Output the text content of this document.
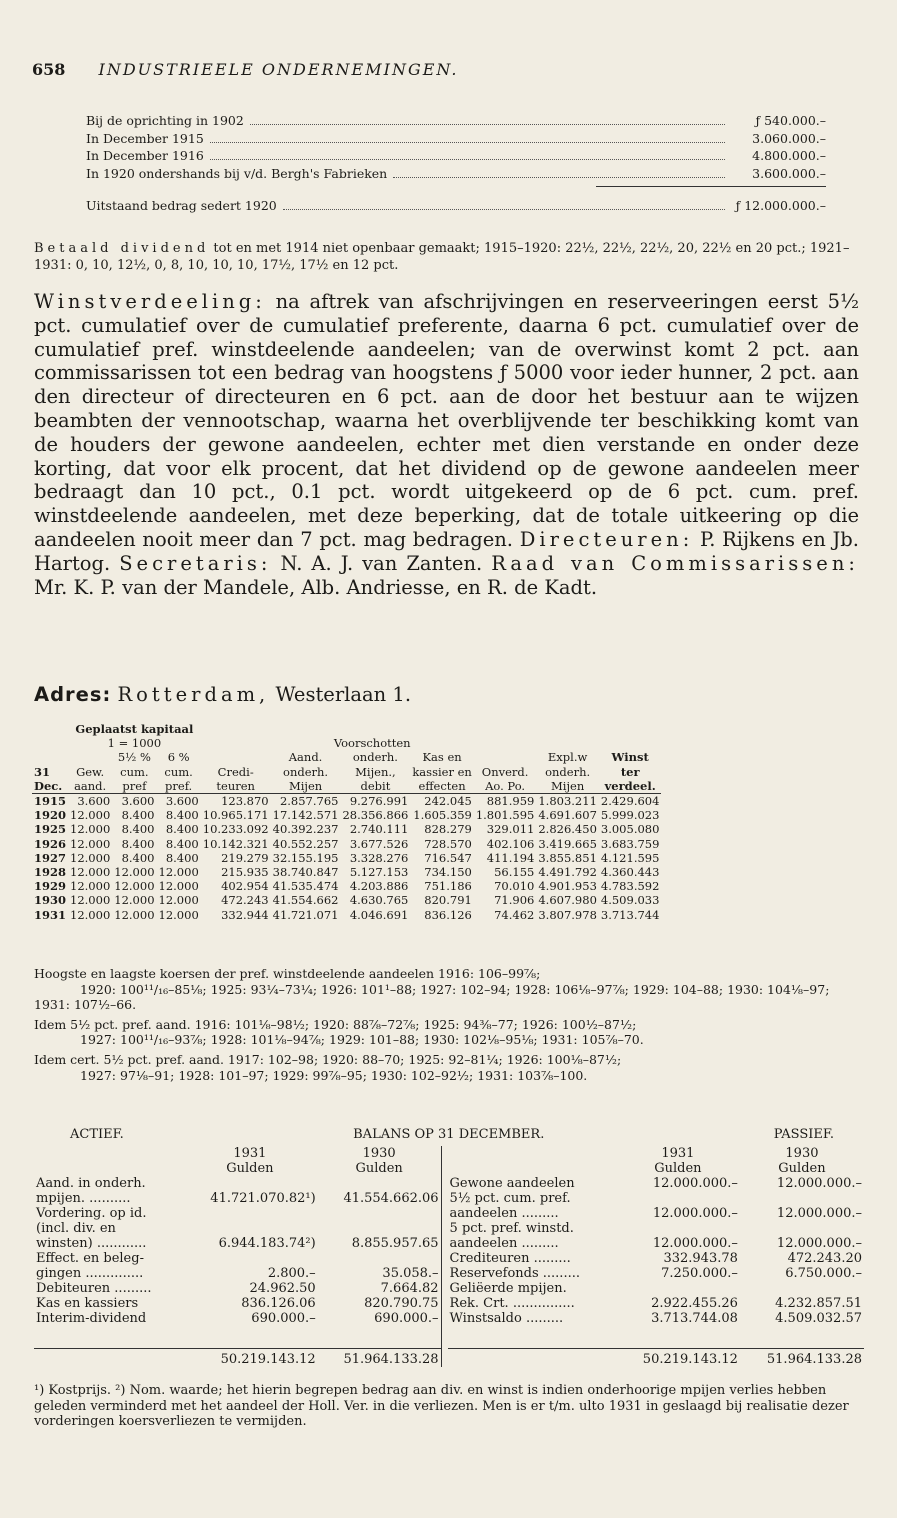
658 INDUSTRIEELE ONDERNEMINGEN.
Bij de oprichting in 1902	ƒ 540.000.–
In December 1915	3.060.000.–
In December 1916	4.800.000.–
In 1920 ondershands bij v/d. Bergh's Fabrieken	3.600.000.–
Uitstaand bedrag sedert 1920	ƒ 12.000.000.–
Betaald dividend tot en met 1914 niet openbaar gemaakt; 1915–1920: 22½, 22½, 22½, 20, 22½ en 20 pct.; 1921–1931: 0, 10, 12½, 0, 8, 10, 10, 10, 17½, 17½ en 12 pct.
Winstverdeeling: na aftrek van afschrijvingen en reserveeringen eerst 5½ pct. cumulatief over de cumulatief preferente, daarna 6 pct. cumulatief over de cumulatief pref. winstdeelende aandeelen; van de overwinst komt 2 pct. aan commissarissen tot een bedrag van hoogstens ƒ 5000 voor ieder hunner, 2 pct. aan den directeur of directeuren en 6 pct. aan de door het bestuur aan te wijzen beambten der vennootschap, waarna het overblijvende ter beschikking komt van de houders der gewone aandeelen, echter met dien verstande en onder deze korting, dat voor elk procent, dat het dividend op de gewone aandeelen meer bedraagt dan 10 pct., 0.1 pct. wordt uitgekeerd op de 6 pct. cum. pref. winstdeelende aandeelen, met deze beperking, dat de totale uitkeering op die aandeelen nooit meer dan 7 pct. mag bedragen. Directeuren: P. Rijkens en Jb. Hartog. Secretaris: N. A. J. van Zanten. Raad van Commissarissen: Mr. K. P. van der Mandele, Alb. Andriesse, en R. de Kadt.
Adres: Rotterdam, Westerlaan 1.
	Geplaatst kapitaal									
	1 = 1000				Voorschotten					
		5½ %	6 %		Aand.	onderh.	Kas en		Expl.w	Winst
31	Gew.	cum.	cum.	Credi-	onderh.	Mijen.,	kassier en	Onverd.	onderh.	ter
Dec.	aand.	pref	pref.	teuren	Mijen	debit	effecten	Ao. Po.	Mijen	verdeel.
1915	3.600	3.600	3.600	123.870	2.857.765	9.276.991	242.045	881.959	1.803.211	2.429.604
1920	12.000	8.400	8.400	10.965.171	17.142.571	28.356.866	1.605.359	1.801.595	4.691.607	5.999.023
1925	12.000	8.400	8.400	10.233.092	40.392.237	2.740.111	828.279	329.011	2.826.450	3.005.080
1926	12.000	8.400	8.400	10.142.321	40.552.257	3.677.526	728.570	402.106	3.419.665	3.683.759
1927	12.000	8.400	8.400	219.279	32.155.195	3.328.276	716.547	411.194	3.855.851	4.121.595
1928	12.000	12.000	12.000	215.935	38.740.847	5.127.153	734.150	56.155	4.491.792	4.360.443
1929	12.000	12.000	12.000	402.954	41.535.474	4.203.886	751.186	70.010	4.901.953	4.783.592
1930	12.000	12.000	12.000	472.243	41.554.662	4.630.765	820.791	71.906	4.607.980	4.509.033
1931	12.000	12.000	12.000	332.944	41.721.071	4.046.691	836.126	74.462	3.807.978	3.713.744

Hoogste en laagste koersen der pref. winstdeelende aandeelen 1916: 106–99⅞;
1920: 100¹¹/₁₆–85⅛; 1925: 93¼–73¼; 1926: 101¹–88; 1927: 102–94; 1928: 106⅛–97⅞; 1929: 104–88; 1930: 104⅛–97; 1931: 107½–66.

Idem 5½ pct. pref. aand. 1916: 101⅛–98½; 1920: 88⅞–72⅞; 1925: 94⅜–77; 1926: 100½–87½;
1927: 100¹¹/₁₆–93⅞; 1928: 101⅛–94⅞; 1929: 101–88; 1930: 102⅛–95⅛; 1931: 105⅞–70.

Idem cert. 5½ pct. pref. aand. 1917: 102–98; 1920: 88–70; 1925: 92–81¼; 1926: 100⅛–87½;
1927: 97⅛–91; 1928: 101–97; 1929: 99⅞–95; 1930: 102–92½; 1931: 103⅞–100.

ACTIEF.	BALANS OP 31 DECEMBER.	PASSIEF.
	1931	1930
	Gulden	Gulden
Aand. in onderh.		
mpijen. ..........	41.721.070.82¹)	41.554.662.06
Vordering. op id.		
(incl. div. en		
winsten) ............	6.944.183.74²)	8.855.957.65
Effect. en beleg-		
gingen ..............	2.800.–	35.058.–
Debiteuren .........	24.962.50	7.664.82
Kas en kassiers	836.126.06	820.790.75
Interim-dividend	690.000.–	690.000.–

	50.219.143.12	51.964.133.28
	1931	1930
	Gulden	Gulden
Gewone aandeelen	12.000.000.–	12.000.000.–
5½ pct. cum. pref.		
aandeelen .........	12.000.000.–	12.000.000.–
5 pct. pref. winstd.		
aandeelen .........	12.000.000.–	12.000.000.–
Crediteuren .........	332.943.78	472.243.20
Reservefonds .........	7.250.000.–	6.750.000.–
Geliëerde mpijen.		
Rek. Crt. ...............	2.922.455.26	4.232.857.51
Winstsaldo .........	3.713.744.08	4.509.032.57

	50.219.143.12	51.964.133.28
¹) Kostprijs. ²) Nom. waarde; het hierin begrepen bedrag aan div. en winst is indien onderhoorige mpijen verlies hebben geleden verminderd met het aandeel der Holl. Ver. in die verliezen. Men is er t/m. ulto 1931 in geslaagd bij realisatie dezer vorderingen koersverliezen te vermijden.
